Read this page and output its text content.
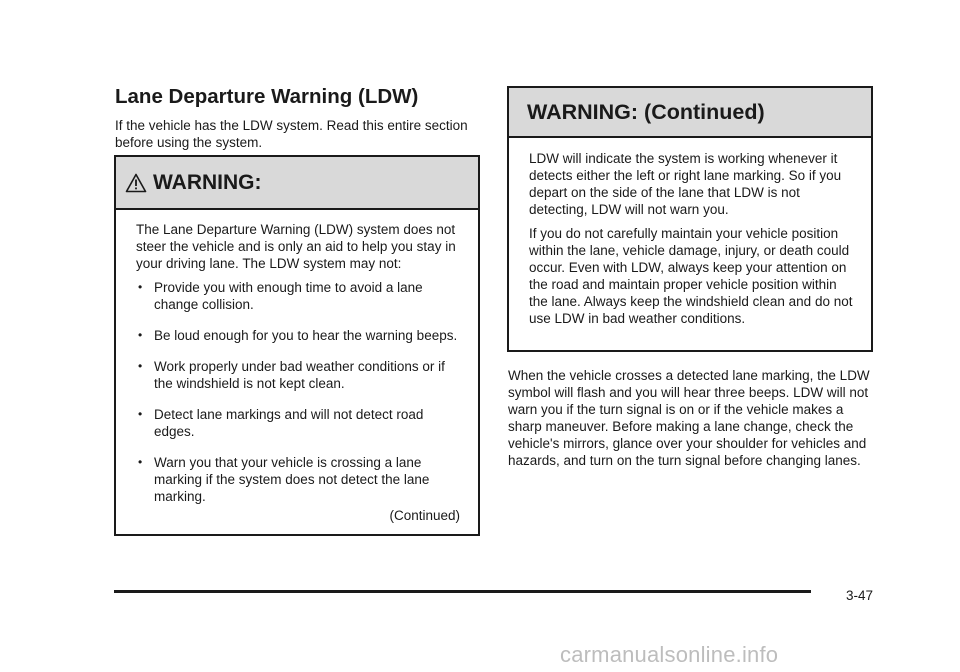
Lane Departure Warning (LDW)
If the vehicle has the LDW system. Read this entire section before using the system.
WARNING:

The Lane Departure Warning (LDW) system does not steer the vehicle and is only an aid to help you stay in your driving lane. The LDW system may not:

• Provide you with enough time to avoid a lane change collision.
• Be loud enough for you to hear the warning beeps.
• Work properly under bad weather conditions or if the windshield is not kept clean.
• Detect lane markings and will not detect road edges.
• Warn you that your vehicle is crossing a lane marking if the system does not detect the lane marking.
(Continued)
WARNING: (Continued)

LDW will indicate the system is working whenever it detects either the left or right lane marking. So if you depart on the side of the lane that LDW is not detecting, LDW will not warn you.

If you do not carefully maintain your vehicle position within the lane, vehicle damage, injury, or death could occur. Even with LDW, always keep your attention on the road and maintain proper vehicle position within the lane. Always keep the windshield clean and do not use LDW in bad weather conditions.

When the vehicle crosses a detected lane marking, the LDW symbol will flash and you will hear three beeps. LDW will not warn you if the turn signal is on or if the vehicle makes a sharp maneuver. Before making a lane change, check the vehicle's mirrors, glance over your shoulder for vehicles and hazards, and turn on the turn signal before changing lanes.
3-47
carmanualsonline.info
